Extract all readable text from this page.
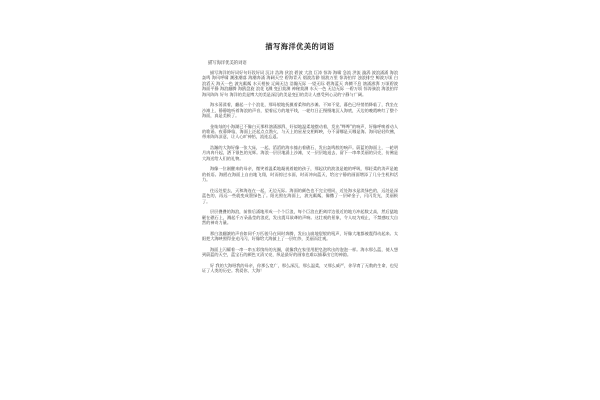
描写海洋优美的词语
描写海洋优美的词语

描写海洋的好词好句好段好词 沉沣 浩海 狄浪 碧波 大浪 巨涛 惊涛 海啸 急流 洪流 漩涡 波浪涌涌 海浪轰鸣 海风呼啸 潮涨潮落 海潮奔涌 海阔天空 碧海青天 烟波浩渺 银波万里 惊涛拍岸 浊浪排空 鲸波万顷 白浪滔天 海天一色 波光粼粼 水天相接 辽阔无边 浩瀚无际 一望无际 碧海蓝天 奔腾不息 汹涌澎湃 万顷碧波 海面平静 海浪翻腾 海鸥盘旋 浪花飞溅 变幻莫测 神秘莫测 水天一色 无边无际 一碧万顷 惊涛骇浪 海浪拍岸 海风阵阵 好句 海洋的美是博大的美是深沉的美是变幻的美让人感受到心灵的宁静与广阔。

海水荡漾着，翻起一个个浪花，那母般地抚摸着柔和的沙滩。不知不觉，暮色已经悄悄降临了，我坐在沙滩上，静静地听着海浪的声音，望着远方的地平线，一轮红日正慢慢地沉入海底，天边的晚霞映红了整个海面，真是美极了。

金灿灿的小海湖已不像白天那样汹涌澎湃，好似地温柔地摆动着，发出"哗哗"的响声，好像呼唤着动人的歌谣。夜幕降临，海面上泛起点点渔火，与天上的星星交相辉映，分不清哪是天哪是海。海风轻轻吹拂，带来阵阵凉意，让人心旷神怡，流连忘返。

浩瀚的大海好像一张大床，一起，滔滔的海水撞击着礁石，发出轰鸣般的响声。蔚蓝的海面上，一轮明月冉冉升起，洒下银色的光辉。海浪一层层地涌上沙滩，又一层层地退去，留下一串串美丽的贝壳，仿佛是大海送给人们的礼物。

海像一位刚醒来的母亲，微笑着温柔地凝视着她的孩子，那起伏的波浪是她的呼吸，那轻柔的涛声是她的低语。海鸥在海面上自由地飞翔，时而掠过水面，时而冲向蓝天，给这宁静的画面增添了几分生机和活力。

往远处望去，天和海连在一起，无边无际。海面的颜色也不完全相同，近处海水是淡绿色的，远处是深蓝色的，再远一些就变成墨绿色了。阳光照在海面上，波光粼粼，像撒了一层碎金子，闪闪发光，美丽极了。

层层叠叠的海浪，前推后涌地形成一个个巨浪，每个巨浪在距离岸边很近的地方冲起数丈高，然后猛地砸在礁石上，溅起千万朵晶莹的浪花，发出震耳欲聋的声响。这壮观的景象，令人叹为观止，不禁感叹大自然的神奇力量。

那白浪翻滚的声音如同千万匹骏马在同时奔腾，发出山崩地裂般的吼声，好像大地都被震得动起来。太阳把大海映照得金光闪闪，好像给大海披上了一层红纱，美丽而壮观。

海面上闪耀着一串一串五彩缤纷的光圈，就像我在家里用肥皂泡吹出的泡泡一样。海水那么蓝，使人想到蔚蓝的天空，蓝宝石的颜色又清又亮，纵是最好的画家也难以描摹出它的神韵。

好 我的大海呀我的母亲，你那么宽广，那么深沉，那么温柔，又那么威严，你孕育了无数的生命，也见证了人类的历史。我爱你，大海！
